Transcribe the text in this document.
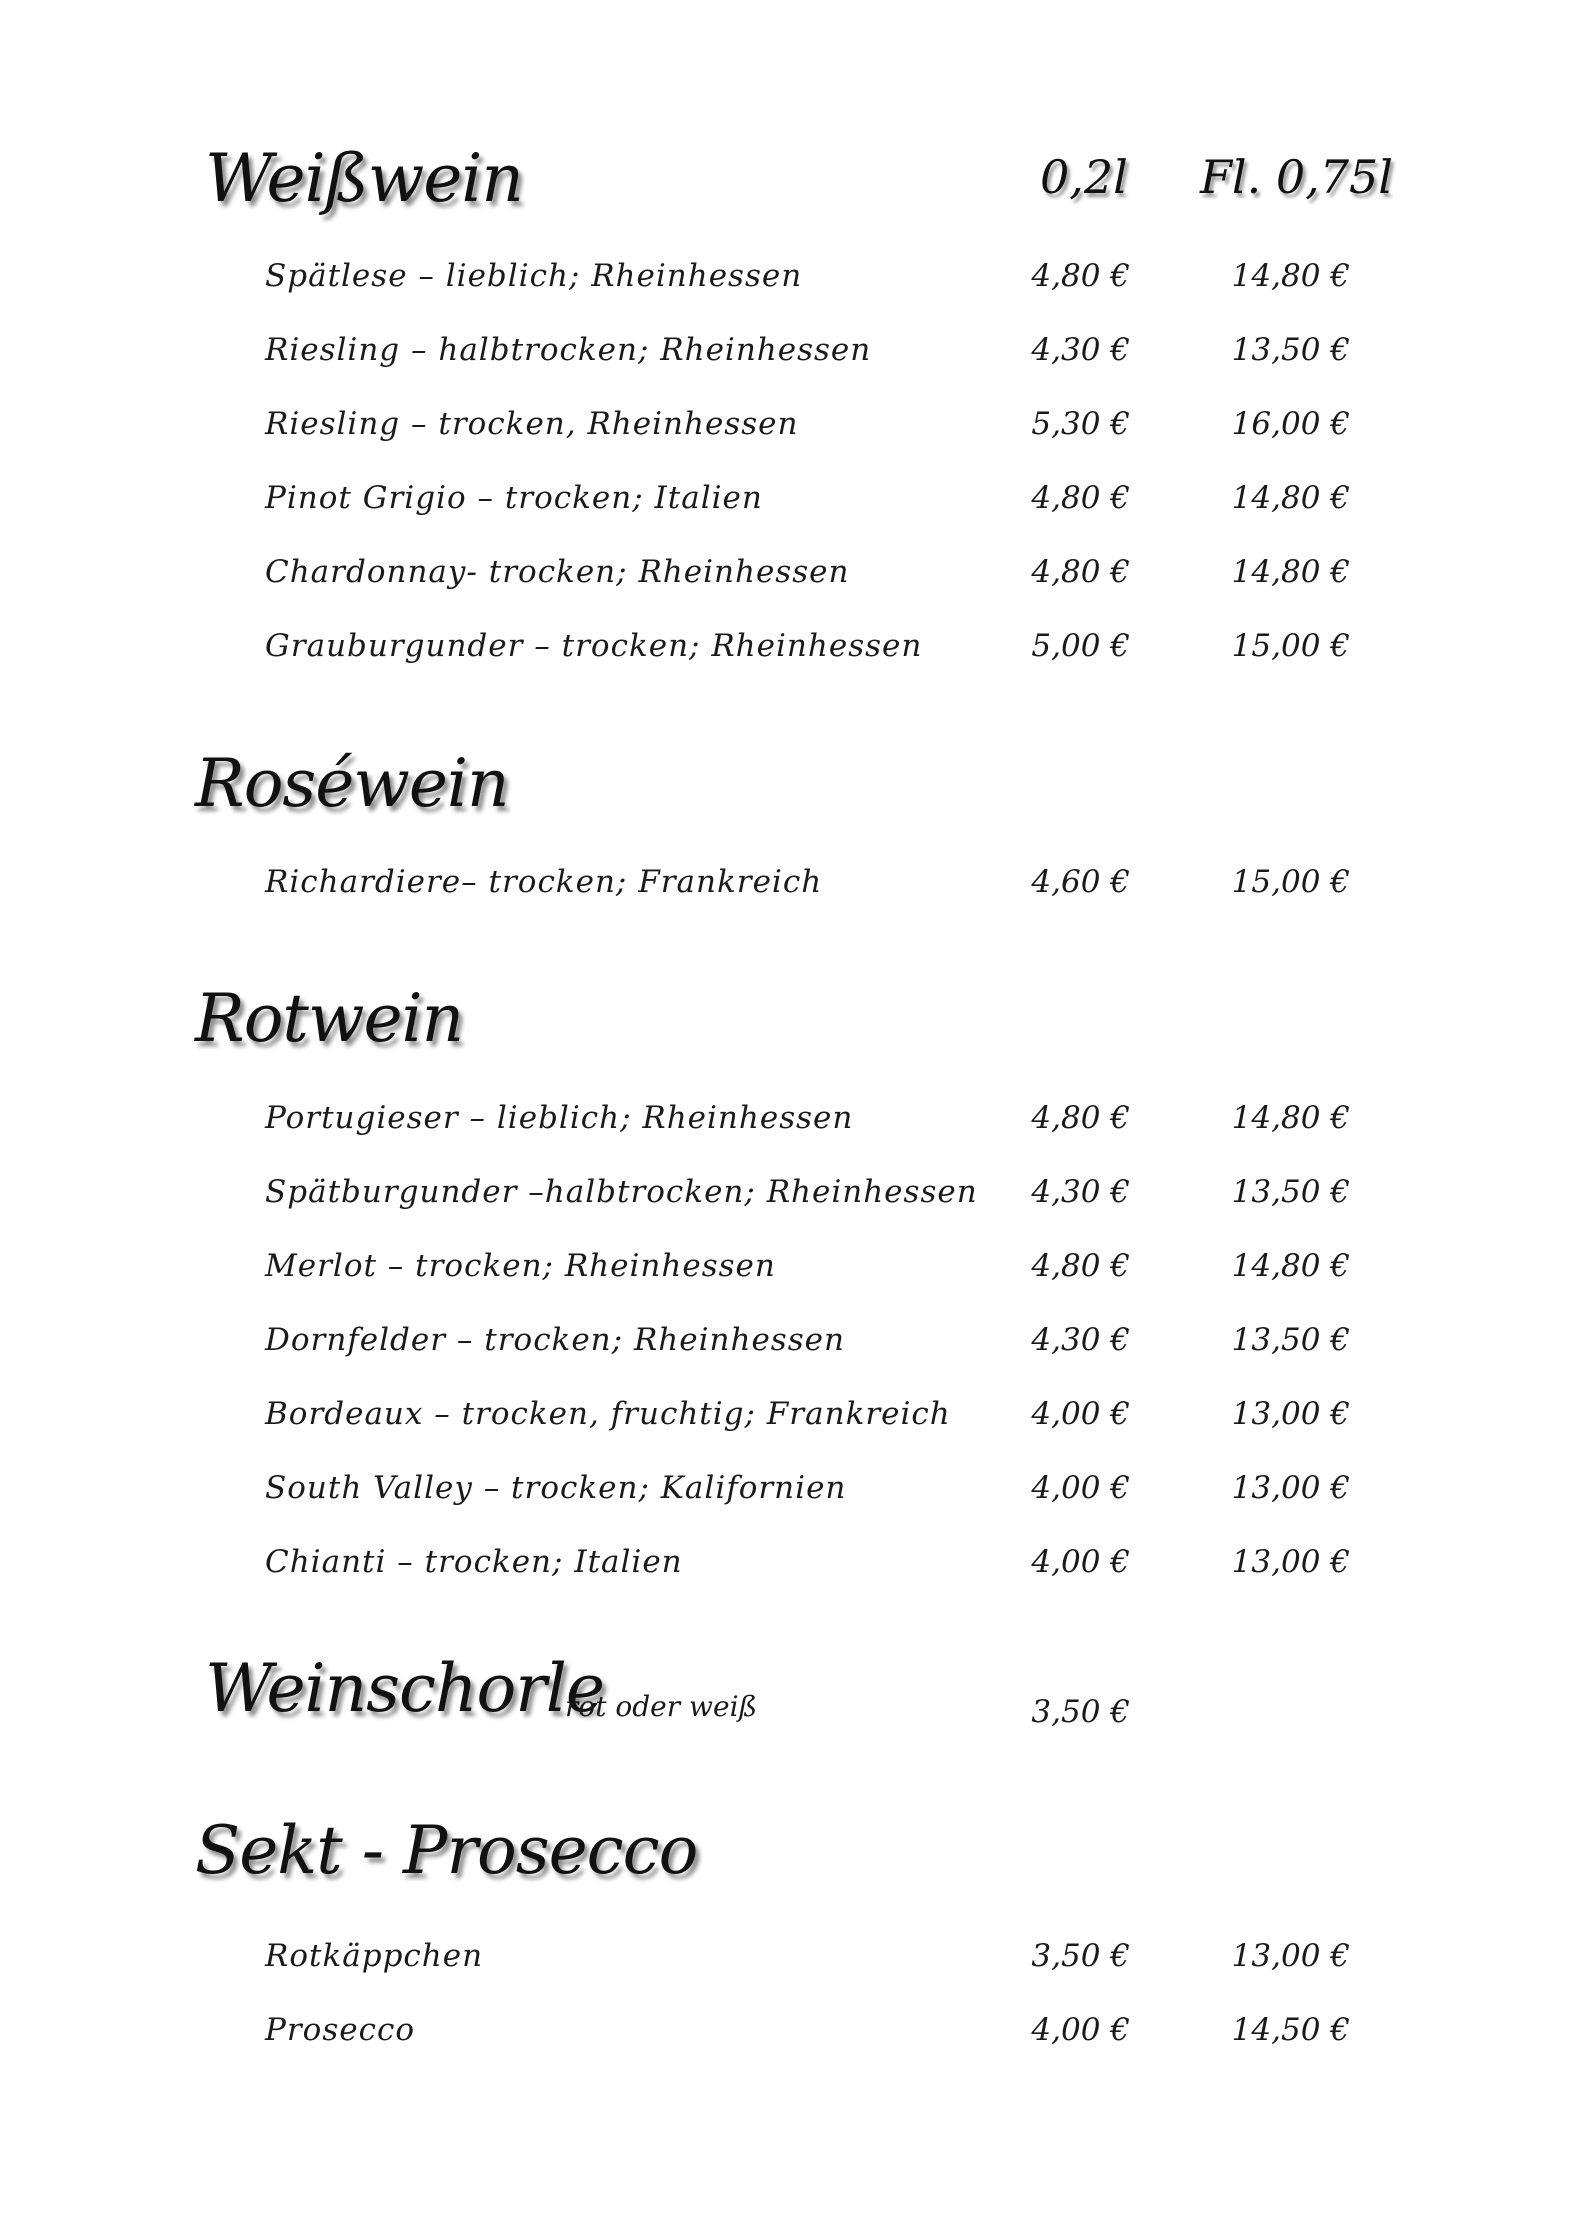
0,2l Fl. 0,75l
Weißwein
Spätlese – lieblich; Rheinhessen	4,80 €	14,80 €
Riesling – halbtrocken; Rheinhessen	4,30 €	13,50 €
Riesling – trocken, Rheinhessen	5,30 €	16,00 €
Pinot Grigio – trocken; Italien	4,80 €	14,80 €
Chardonnay- trocken; Rheinhessen	4,80 €	14,80 €
Grauburgunder – trocken; Rheinhessen	5,00 €	15,00 €
Roséwein
Richardiere– trocken; Frankreich	4,60 €	15,00 €
Rotwein
Portugieser – lieblich; Rheinhessen	4,80 €	14,80 €
Spätburgunder –halbtrocken; Rheinhessen 4,30 €	13,50 €
Merlot – trocken; Rheinhessen	4,80 €	14,80 €
Dornfelder – trocken; Rheinhessen	4,30 €	13,50 €
Bordeaux – trocken, fruchtig; Frankreich	4,00 €	13,00 €
South Valley – trocken; Kalifornien	4,00 €	13,00 €
Chianti – trocken; Italien	4,00 €	13,00 €
Weinschorle
rot oder weiß	3,50 €
Sekt - Prosecco
Rotkäppchen	3,50 €	13,00 €
Prosecco	4,00 €	14,50 €
